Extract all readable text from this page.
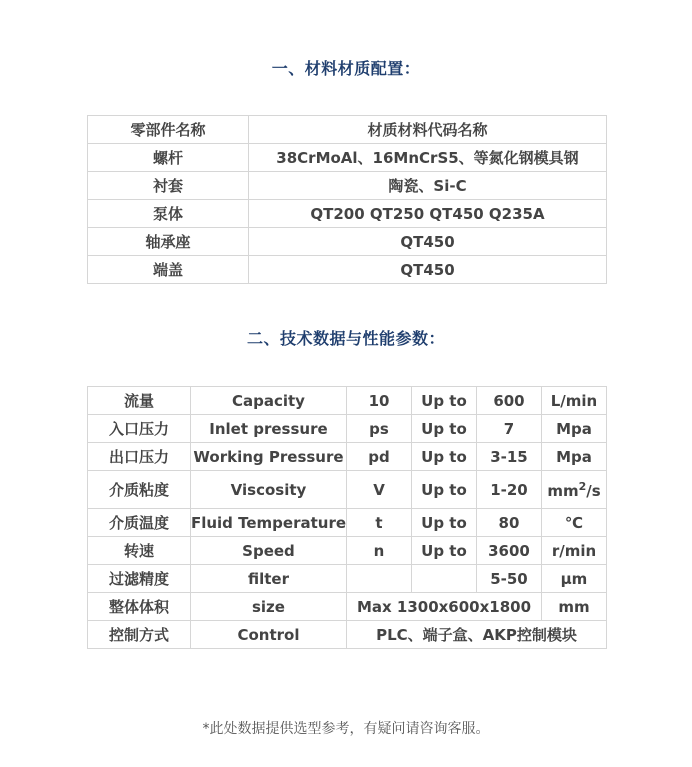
一、材料材质配置：
零部件名称	材质材料代码名称
螺杆	38CrMoAl、16MnCrS5、等氮化钢模具钢
衬套	陶瓷、Si-C
泵体	QT200 QT250 QT450 Q235A
轴承座	QT450
端盖	QT450
二、技术数据与性能参数：
流量	Capacity	10	Up to	600	L/min
入口压力	Inlet pressure	ps	Up to	7	Mpa
出口压力	Working Pressure	pd	Up to	3-15	Mpa
介质粘度	Viscosity	V	Up to	1-20	$mm^2/s$
介质温度	Fluid Temperature	t	Up to	80	℃
转速	Speed	n	Up to	3600	r/min
过滤精度	filter			5-50	μm
整体体积	size	Max 1300x600x1800			mm
控制方式	Control	PLC、端子盒、AKP控制模块			
*此处数据提供选型参考，有疑问请咨询客服。
